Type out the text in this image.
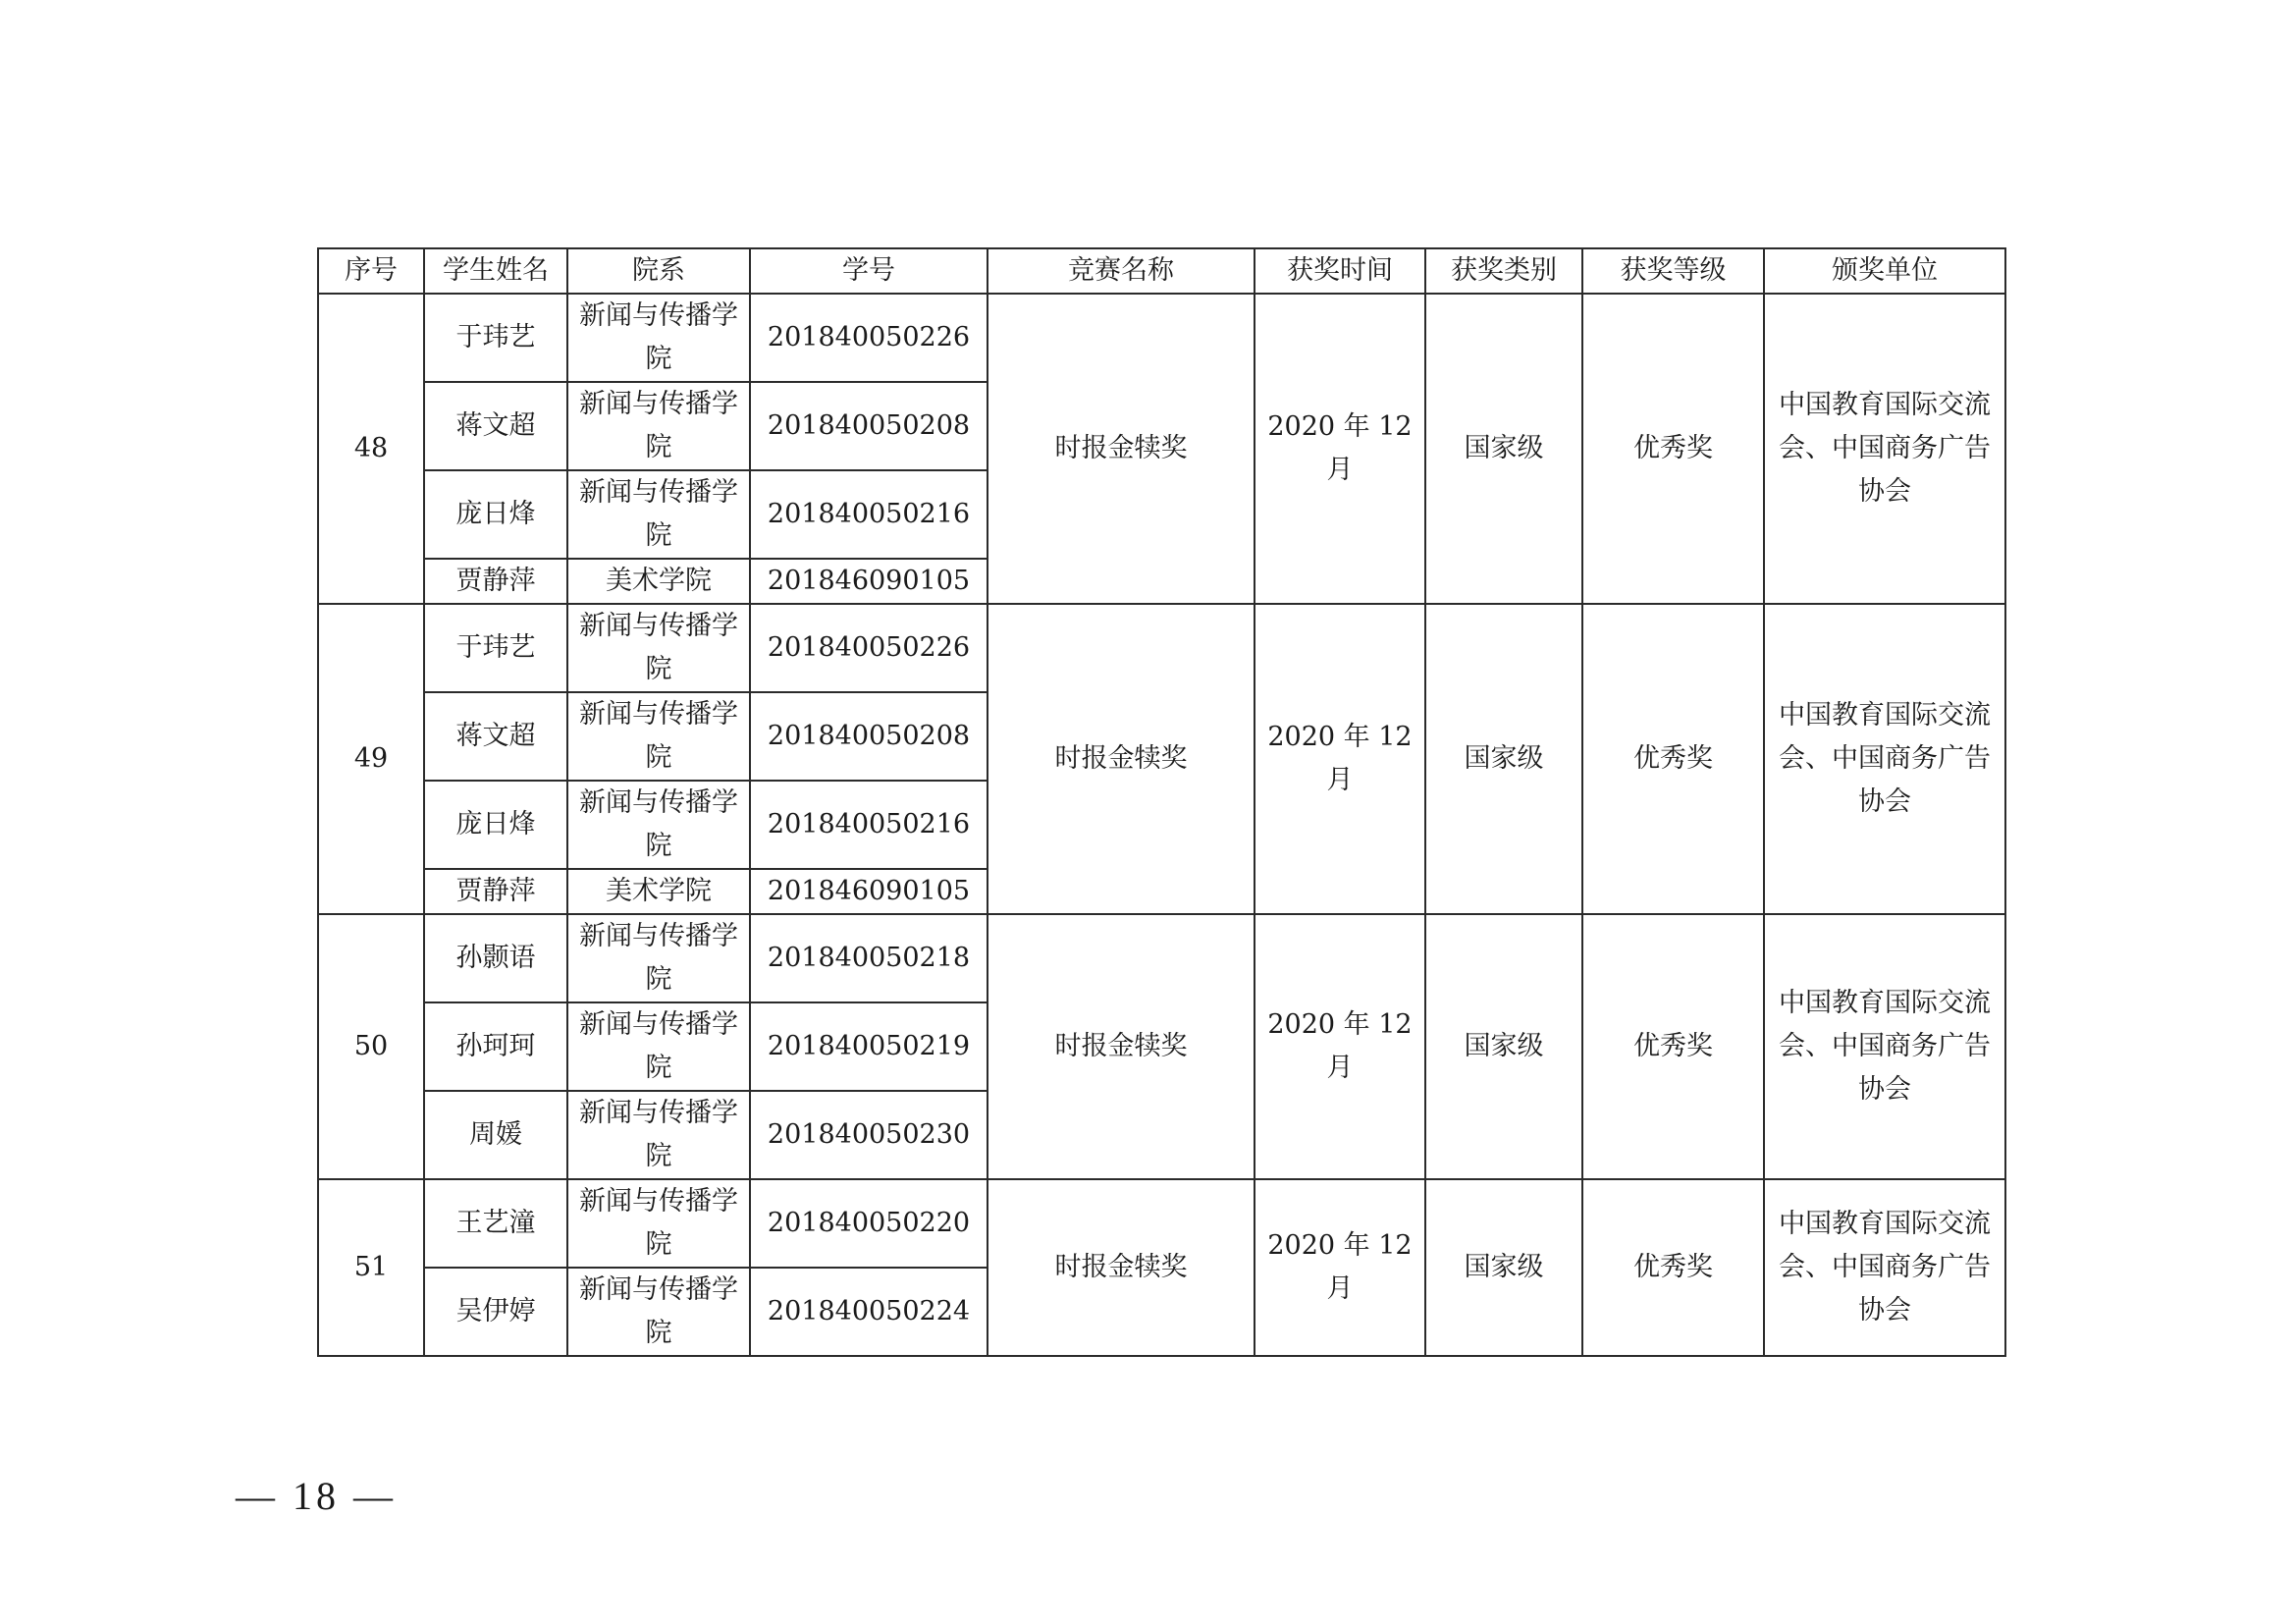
序号	学生姓名	院系	学号	竞赛名称	获奖时间	获奖类别	获奖等级	颁奖单位
48	于玮艺	新闻与传播学院	201840050226	时报金犊奖	2020 年 12 月	国家级	优秀奖	中国教育国际交流会、中国商务广告协会
	蒋文超	新闻与传播学院	201840050208					
	庞日烽	新闻与传播学院	201840050216					
	贾静萍	美术学院	201846090105					
49	于玮艺	新闻与传播学院	201840050226	时报金犊奖	2020 年 12 月	国家级	优秀奖	中国教育国际交流会、中国商务广告协会
	蒋文超	新闻与传播学院	201840050208					
	庞日烽	新闻与传播学院	201840050216					
	贾静萍	美术学院	201846090105					
50	孙颢语	新闻与传播学院	201840050218	时报金犊奖	2020 年 12 月	国家级	优秀奖	中国教育国际交流会、中国商务广告协会
	孙珂珂	新闻与传播学院	201840050219					
	周媛	新闻与传播学院	201840050230					
51	王艺潼	新闻与传播学院	201840050220	时报金犊奖	2020 年 12 月	国家级	优秀奖	中国教育国际交流会、中国商务广告协会
	吴伊婷	新闻与传播学院	201840050224					
— 18 —
